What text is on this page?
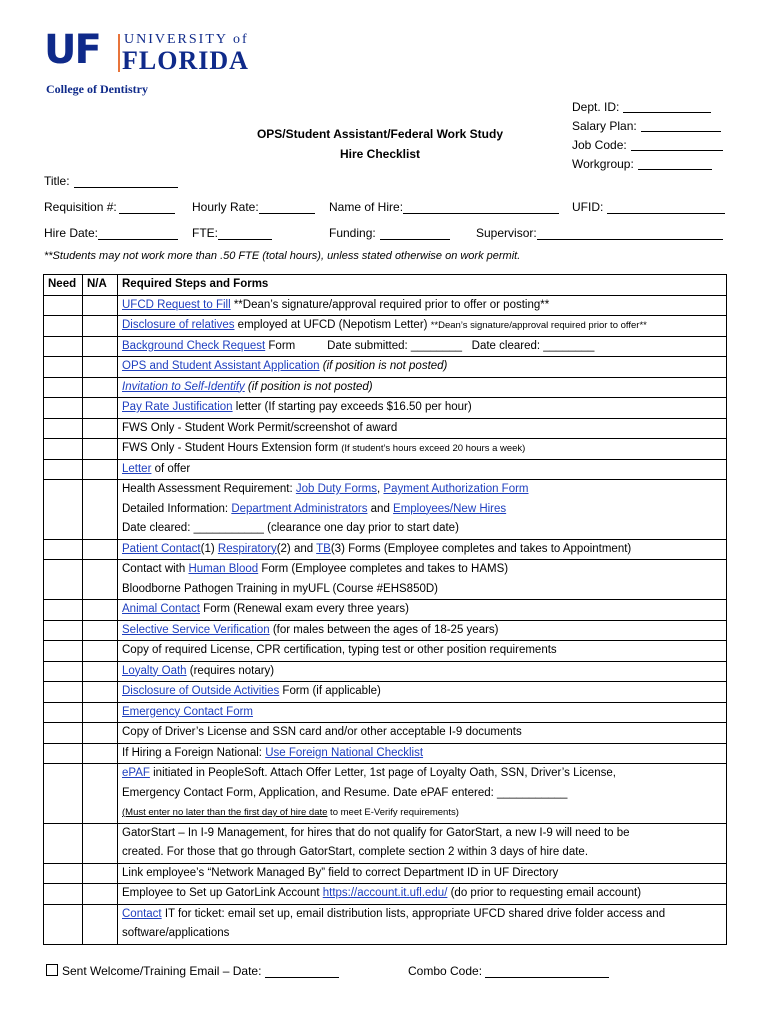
UF UNIVERSITY of
FLORIDA
College of Dentistry
OPS/Student Assistant/Federal Work Study
Hire Checklist
Dept. ID:
Salary Plan:
Job Code:
Workgroup:
Title:
Requisition #:	Hourly Rate:	Name of Hire:	UFID:
Hire Date:	FTE:	Funding:	Supervisor:
**Students may not work more than .50 FTE (total hours), unless stated otherwise on work permit.
Need	N/A	Required Steps and Forms
		UFCD Request to Fill **Dean’s signature/approval required prior to offer or posting**
		Disclosure of relatives employed at UFCD (Nepotism Letter) **Dean’s signature/approval required prior to offer**
		Background Check Request Form          Date submitted: ________   Date cleared: ________
		OPS and Student Assistant Application (if position is not posted)
		Invitation to Self-Identify (if position is not posted)
		Pay Rate Justification letter (If starting pay exceeds $16.50 per hour)
		FWS Only - Student Work Permit/screenshot of award
		FWS Only - Student Hours Extension form (If student’s hours exceed 20 hours a week)
		Letter of offer
		Health Assessment Requirement: Job Duty Forms, Payment Authorization Form
Detailed Information: Department Administrators and Employees/New Hires
Date cleared: ___________ (clearance one day prior to start date)
		Patient Contact(1) Respiratory(2) and TB(3) Forms (Employee completes and takes to Appointment)
		Contact with Human Blood Form (Employee completes and takes to HAMS)
Bloodborne Pathogen Training in myUFL (Course #EHS850D)
		Animal Contact Form (Renewal exam every three years)
		Selective Service Verification (for males between the ages of 18-25 years)
		Copy of required License, CPR certification, typing test or other position requirements
		Loyalty Oath (requires notary)
		Disclosure of Outside Activities Form (if applicable)
		Emergency Contact Form
		Copy of Driver’s License and SSN card and/or other acceptable I-9 documents
		If Hiring a Foreign National: Use Foreign National Checklist
		ePAF initiated in PeopleSoft. Attach Offer Letter, 1st page of Loyalty Oath, SSN, Driver’s License,
Emergency Contact Form, Application, and Resume. Date ePAF entered: ___________
(Must enter no later than the first day of hire date to meet E-Verify requirements)
		GatorStart – In I-9 Management, for hires that do not qualify for GatorStart, a new I-9 will need to be
created. For those that go through GatorStart, complete section 2 within 3 days of hire date.
		Link employee’s “Network Managed By” field to correct Department ID in UF Directory
		Employee to Set up GatorLink Account https://account.it.ufl.edu/ (do prior to requesting email account)
		Contact IT for ticket: email set up, email distribution lists, appropriate UFCD shared drive folder access and
software/applications
Sent Welcome/Training Email – Date:	Combo Code:
